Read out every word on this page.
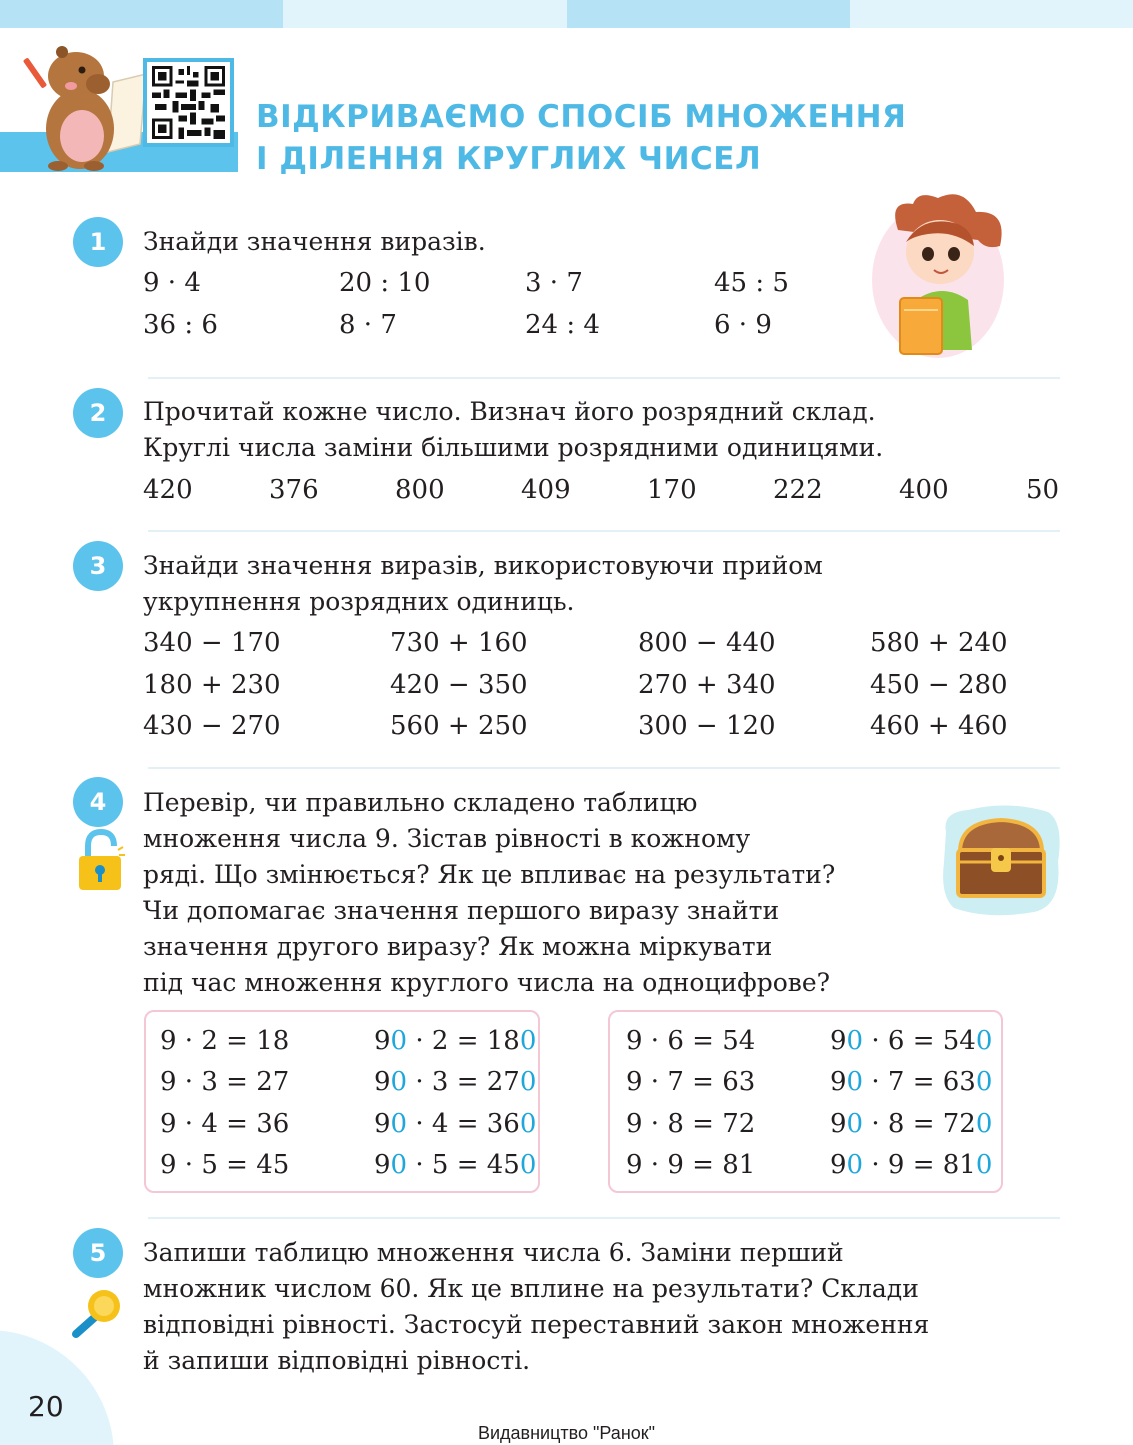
ВІДКРИВАЄМО СПОСІБ МНОЖЕННЯ
І ДІЛЕННЯ КРУГЛИХ ЧИСЕЛ
1	Знайди значення виразів.
9 · 4	20 : 10	3 · 7	45 : 5
36 : 6	8 · 7	24 : 4	6 · 9
2	Прочитай кожне число. Визнач його розрядний склад.
Круглі числа заміни більшими розрядними одиницями.
420	376	800	409	170	222	400	50
3	Знайди значення виразів, використовуючи прийом
укрупнення розрядних одиниць.
340 − 170	730 + 160	800 − 440	580 + 240
180 + 230	420 − 350	270 + 340	450 − 280
430 − 270	560 + 250	300 − 120	460 + 460
4	Перевір, чи правильно складено таблицю
множення числа 9. Зістав рівності в кожному
ряді. Що змінюється? Як це впливає на результати?
Чи допомагає значення першого виразу знайти
значення другого виразу? Як можна міркувати
під час множення круглого числа на одноцифрове?
9 · 2 = 18	90 · 2 = 180
9 · 3 = 27	90 · 3 = 270
9 · 4 = 36	90 · 4 = 360
9 · 5 = 45	90 · 5 = 450
9 · 6 = 54	90 · 6 = 540
9 · 7 = 63	90 · 7 = 630
9 · 8 = 72	90 · 8 = 720
9 · 9 = 81	90 · 9 = 810
5	Запиши таблицю множення числа 6. Заміни перший
множник числом 60. Як це вплине на результати? Склади
відповідні рівності. Застосуй переставний закон множення
й запиши відповідні рівності.
20
Видавництво "Ранок"
